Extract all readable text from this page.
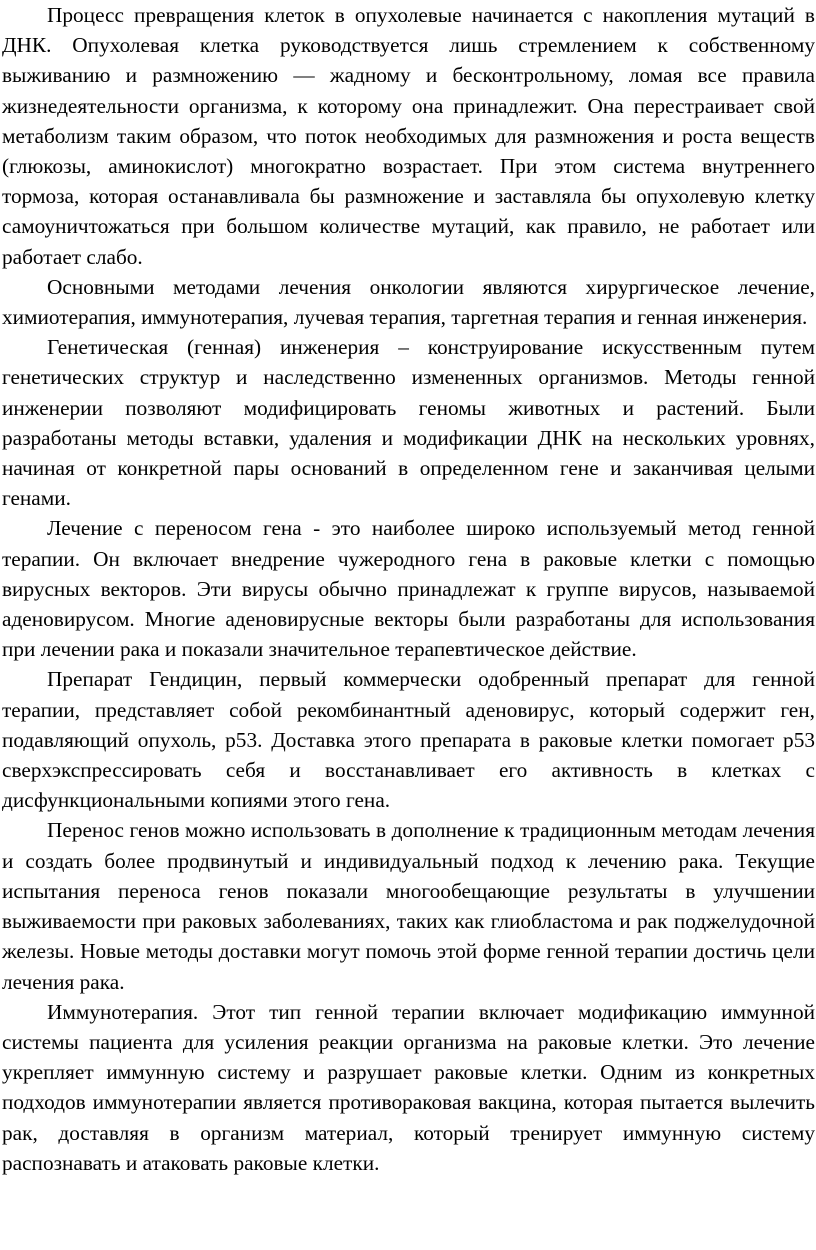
Процесс превращения клеток в опухолевые начинается с накопления мутаций в ДНК. Опухолевая клетка руководствуется лишь стремлением к собственному выживанию и размножению — жадному и бесконтрольному, ломая все правила жизнедеятельности организма, к которому она принадлежит. Она перестраивает свой метаболизм таким образом, что поток необходимых для размножения и роста веществ (глюкозы, аминокислот) многократно возрастает. При этом система внутреннего тормоза, которая останавливала бы размножение и заставляла бы опухолевую клетку самоуничтожаться при большом количестве мутаций, как правило, не работает или работает слабо.

Основными методами лечения онкологии являются хирургическое лечение, химиотерапия, иммунотерапия, лучевая терапия, таргетная терапия и генная инженерия.

Генетическая (генная) инженерия – конструирование искусственным путем генетических структур и наследственно измененных организмов. Методы генной инженерии позволяют модифицировать геномы животных и растений. Были разработаны методы вставки, удаления и модификации ДНК на нескольких уровнях, начиная от конкретной пары оснований в определенном гене и заканчивая целыми генами.

Лечение с переносом гена - это наиболее широко используемый метод генной терапии. Он включает внедрение чужеродного гена в раковые клетки с помощью вирусных векторов. Эти вирусы обычно принадлежат к группе вирусов, называемой аденовирусом. Многие аденовирусные векторы были разработаны для использования при лечении рака и показали значительное терапевтическое действие.

Препарат Гендицин, первый коммерчески одобренный препарат для генной терапии, представляет собой рекомбинантный аденовирус, который содержит ген, подавляющий опухоль, p53. Доставка этого препарата в раковые клетки помогает p53 сверхэкспрессировать себя и восстанавливает его активность в клетках с дисфункциональными копиями этого гена.

Перенос генов можно использовать в дополнение к традиционным методам лечения и создать более продвинутый и индивидуальный подход к лечению рака. Текущие испытания переноса генов показали многообещающие результаты в улучшении выживаемости при раковых заболеваниях, таких как глиобластома и рак поджелудочной железы. Новые методы доставки могут помочь этой форме генной терапии достичь цели лечения рака.

Иммунотерапия. Этот тип генной терапии включает модификацию иммунной системы пациента для усиления реакции организма на раковые клетки. Это лечение укрепляет иммунную систему и разрушает раковые клетки. Одним из конкретных подходов иммунотерапии является противораковая вакцина, которая пытается вылечить рак, доставляя в организм материал, который тренирует иммунную систему распознавать и атаковать раковые клетки.
